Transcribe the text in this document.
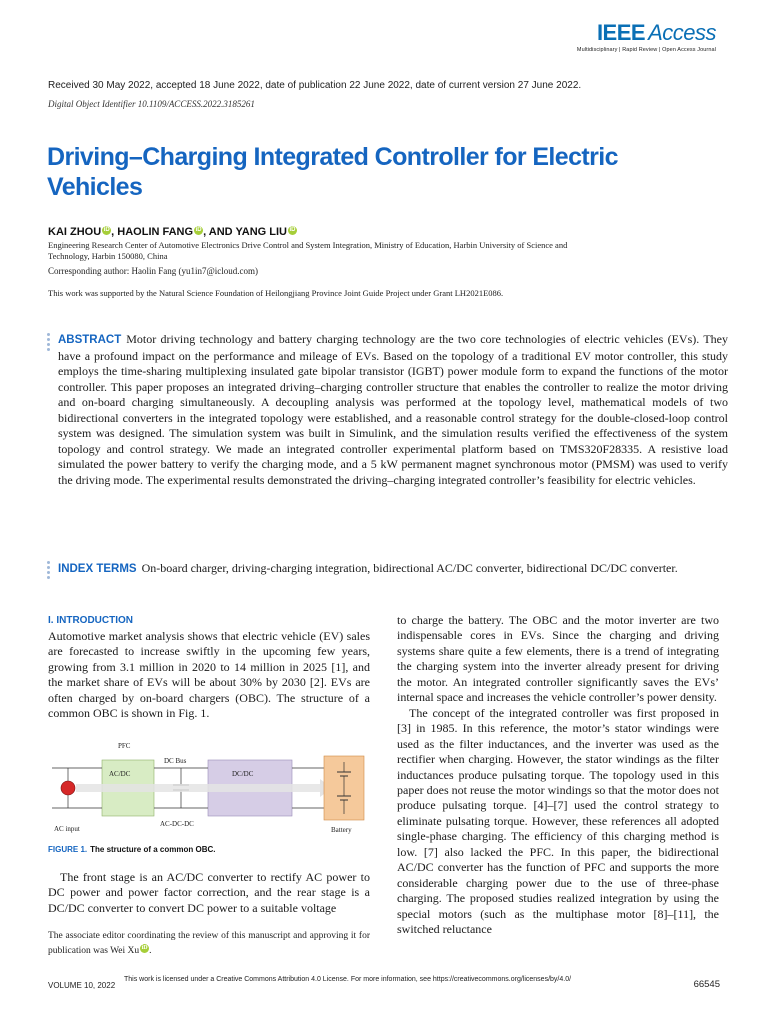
IEEE Access
Multidisciplinary | Rapid Review | Open Access Journal
Received 30 May 2022, accepted 18 June 2022, date of publication 22 June 2022, date of current version 27 June 2022.
Digital Object Identifier 10.1109/ACCESS.2022.3185261
Driving–Charging Integrated Controller for Electric Vehicles
KAI ZHOU iD , HAOLIN FANG iD , AND YANG LIU iD
Engineering Research Center of Automotive Electronics Drive Control and System Integration, Ministry of Education, Harbin University of Science and Technology, Harbin 150080, China
Corresponding author: Haolin Fang (yu1in7@icloud.com)
This work was supported by the Natural Science Foundation of Heilongjiang Province Joint Guide Project under Grant LH2021E086.
ABSTRACT Motor driving technology and battery charging technology are the two core technologies of electric vehicles (EVs). They have a profound impact on the performance and mileage of EVs. Based on the topology of a traditional EV motor controller, this study employs the time-sharing multiplexing insulated gate bipolar transistor (IGBT) power module form to expand the functions of the motor controller. This paper proposes an integrated driving–charging controller structure that enables the controller to realize the motor driving and on-board charging simultaneously. A decoupling analysis was performed at the topology level, mathematical models of two bidirectional converters in the integrated topology were established, and a reasonable control strategy for the double-closed-loop control system was designed. The simulation system was built in Simulink, and the simulation results verified the effectiveness of the system topology and control strategy. We made an integrated controller experimental platform based on TMS320F28335. A resistive load simulated the power battery to verify the charging mode, and a 5 kW permanent magnet synchronous motor (PMSM) was used to verify the driving mode. The experimental results demonstrated the driving–charging integrated controller’s feasibility for electric vehicles.
INDEX TERMS On-board charger, driving-charging integration, bidirectional AC/DC converter, bidirectional DC/DC converter.
I. INTRODUCTION

Automotive market analysis shows that electric vehicle (EV) sales are forecasted to increase swiftly in the upcoming few years, growing from 3.1 million in 2020 to 14 million in 2025 [1], and the market share of EVs will be about 30% by 2030 [2]. EVs are often charged by on-board chargers (OBC). The structure of a common OBC is shown in Fig. 1.

PFC
DC Bus
AC/DC	DC/DC
AC-DC-DC
AC input	Battery
FIGURE 1. The structure of a common OBC.

The front stage is an AC/DC converter to rectify AC power to DC power and power factor correction, and the rear stage is a DC/DC converter to convert DC power to a suitable voltage

The associate editor coordinating the review of this manuscript and approving it for publication was Wei Xu iD .

to charge the battery. The OBC and the motor inverter are two indispensable cores in EVs. Since the charging and driving systems share quite a few elements, there is a trend of integrating the charging system into the inverter already present for driving the motor. An integrated controller significantly saves the EVs’ internal space and increases the vehicle controller’s power density.

The concept of the integrated controller was first proposed in [3] in 1985. In this reference, the motor’s stator windings were used as the filter inductances, and the inverter was used as the rectifier when charging. However, the stator windings as the filter inductances produce pulsating torque. The topology used in this paper does not reuse the motor windings so that the motor does not produce pulsating torque. [4]–[7] used the control strategy to eliminate pulsating torque. However, these references all adopted single-phase charging. The efficiency of this charging method is low. [7] also lacked the PFC. In this paper, the bidirectional AC/DC converter has the function of PFC and supports the more considerable charging power due to the use of three-phase charging. The proposed studies realized integration by using the special motors (such as the multiphase motor [8]–[11], the switched reluctance

VOLUME 10, 2022
This work is licensed under a Creative Commons Attribution 4.0 License. For more information, see https://creativecommons.org/licenses/by/4.0/	66545
